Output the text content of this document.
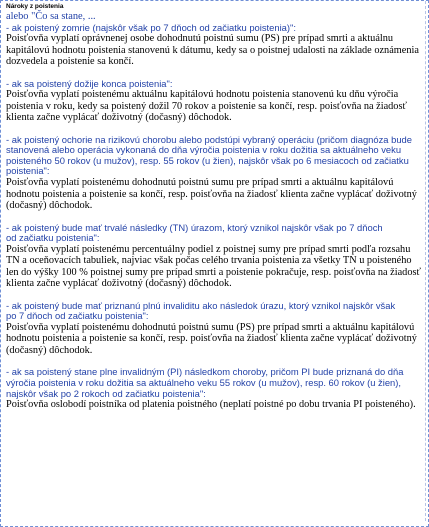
Nároky z poistenia
alebo "Čo sa stane, ...
- ak poistený zomrie (najskôr však po 7 dňoch od začiatku poistenia)":
Poisťovňa vyplatí oprávnenej osobe dohodnutú poistnú sumu (PS) pre prípad smrti a aktuálnu kapitálovú hodnotu poistenia stanovenú k dátumu, kedy sa o poistnej udalosti na základe oznámenia dozvedela a poistenie sa končí.
- ak sa poistený dožije konca poistenia":
Poisťovňa vyplatí poistenému aktuálnu kapitálovú hodnotu poistenia stanovenú ku dňu výročia poistenia v roku, kedy sa poistený dožil 70 rokov a poistenie sa končí, resp. poisťovňa na žiadosť klienta začne vyplácať doživotný (dočasný) dôchodok.
- ak poistený ochorie na rizikovú chorobu alebo podstúpi vybraný operáciu (pričom diagnóza bude stanovená alebo operácia vykonaná do dňa výročia poistenia v roku dožitia sa aktuálneho veku poisteného 50 rokov (u mužov), resp. 55 rokov (u žien), najskôr však po 6 mesiacoch od začiatku poistenia":
Poisťovňa vyplatí poistenému dohodnutú poistnú sumu pre prípad smrti a aktuálnu kapitálovú hodnotu poistenia a poistenie sa končí, resp. poisťovňa na žiadosť klienta začne vyplácať doživotný (dočasný) dôchodok.
- ak poistený bude mať trvalé následky (TN) úrazom, ktorý vznikol najskôr však po 7 dňoch
od začiatku poistenia":
Poisťovňa vyplatí poistenému percentuálny podiel z poistnej sumy pre prípad smrti podľa rozsahu TN a oceňovacích tabuliek, najviac však počas celého trvania poistenia za všetky TN u poisteného len do výšky 100 % poistnej sumy pre prípad smrti a poistenie pokračuje, resp. poisťovňa na žiadosť klienta začne vyplácať doživotný (dočasný) dôchodok.
- ak poistený bude mať priznanú plnú invaliditu ako následok úrazu, ktorý vznikol najskôr však
po 7 dňoch od začiatku poistenia":
Poisťovňa vyplatí poistenému dohodnutú poistnú sumu (PS) pre prípad smrti a aktuálnu kapitálovú hodnotu poistenia a poistenie sa končí, resp. poisťovňa na žiadosť klienta začne vyplácať doživotný (dočasný) dôchodok.
- ak sa poistený stane plne invalidným (PI) následkom choroby, pričom PI bude priznaná do dňa výročia poistenia v roku dožitia sa aktuálneho veku 55 rokov (u mužov), resp. 60 rokov (u žien), najskôr však po 2 rokoch od začiatku poistenia":
Poisťovňa oslobodí poistníka od platenia poistného (neplatí poistné po dobu trvania PI poisteného).
